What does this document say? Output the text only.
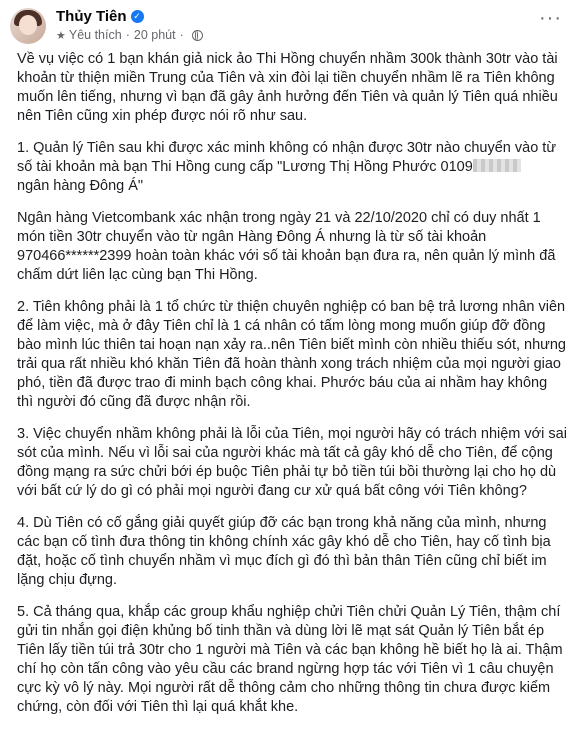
Thủy Tiên ✓
★ Yêu thích · 20 phút ·
···

Về vụ việc có 1 bạn khán giả nick ảo Thi Hồng chuyển nhầm 300k thành 30tr vào tài khoản từ thiện miền Trung của Tiên và xin đòi lại tiền chuyển nhầm lẽ ra Tiên không muốn lên tiếng, nhưng vì bạn đã gây ảnh hưởng đến Tiên và quản lý Tiên quá nhiều nên Tiên cũng xin phép được nói rõ như sau.

1. Quản lý Tiên sau khi được xác minh không có nhận được 30tr nào chuyển vào từ số tài khoản mà bạn Thi Hồng cung cấp "Lương Thị Hồng Phước 0109
ngân hàng Đông Á"

Ngân hàng Vietcombank xác nhận trong ngày 21 và 22/10/2020 chỉ có duy nhất 1 món tiền 30tr chuyển vào từ ngân Hàng Đông Á nhưng là từ số tài khoản 970466******2399 hoàn toàn khác với số tài khoản bạn đưa ra, nên quản lý mình đã chấm dứt liên lạc cùng bạn Thi Hồng.

2. Tiên không phải là 1 tổ chức từ thiện chuyên nghiệp có ban bệ trả lương nhân viên để làm việc, mà ở đây Tiên chỉ là 1 cá nhân có tấm lòng mong muốn giúp đỡ đồng bào mình lúc thiên tai hoạn nạn xảy ra..nên Tiên biết mình còn nhiều thiếu sót, nhưng trải qua rất nhiều khó khăn Tiên đã hoàn thành xong trách nhiệm của mọi người giao phó, tiền đã được trao đi minh bạch công khai. Phước báu của ai nhầm hay không thì người đó cũng đã được nhận rồi.

3. Việc chuyển nhầm không phải là lỗi của Tiên, mọi người hãy có trách nhiệm với sai sót của mình. Nếu vì lỗi sai của người khác mà tất cả gây khó dễ cho Tiên, để cộng đồng mạng ra sức chửi bới ép buộc Tiên phải tự bỏ tiền túi bồi thường lại cho họ dù với bất cứ lý do gì có phải mọi người đang cư xử quá bất công với Tiên không?

4. Dù Tiên có cố gắng giải quyết giúp đỡ các bạn trong khả năng của mình, nhưng các bạn cố tình đưa thông tin không chính xác gây khó dễ cho Tiên, hay cố tình bịa đặt, hoặc cố tình chuyển nhầm vì mục đích gì đó thì bản thân Tiên cũng chỉ biết im lặng chịu đựng.

5. Cả tháng qua, khắp các group khẩu nghiệp chửi Tiên chửi Quản Lý Tiên, thậm chí gửi tin nhắn gọi điện khủng bố tinh thần và dùng lời lẽ mạt sát Quản lý Tiên bắt ép Tiên lấy tiền túi trả 30tr cho 1 người mà Tiên và các bạn không hề biết họ là ai. Thậm chí họ còn tấn công vào yêu cầu các brand ngừng hợp tác với Tiên vì 1 câu chuyện cực kỳ vô lý này. Mọi người rất dễ thông cảm cho những thông tin chưa được kiểm chứng, còn đối với Tiên thì lại quá khắt khe.
